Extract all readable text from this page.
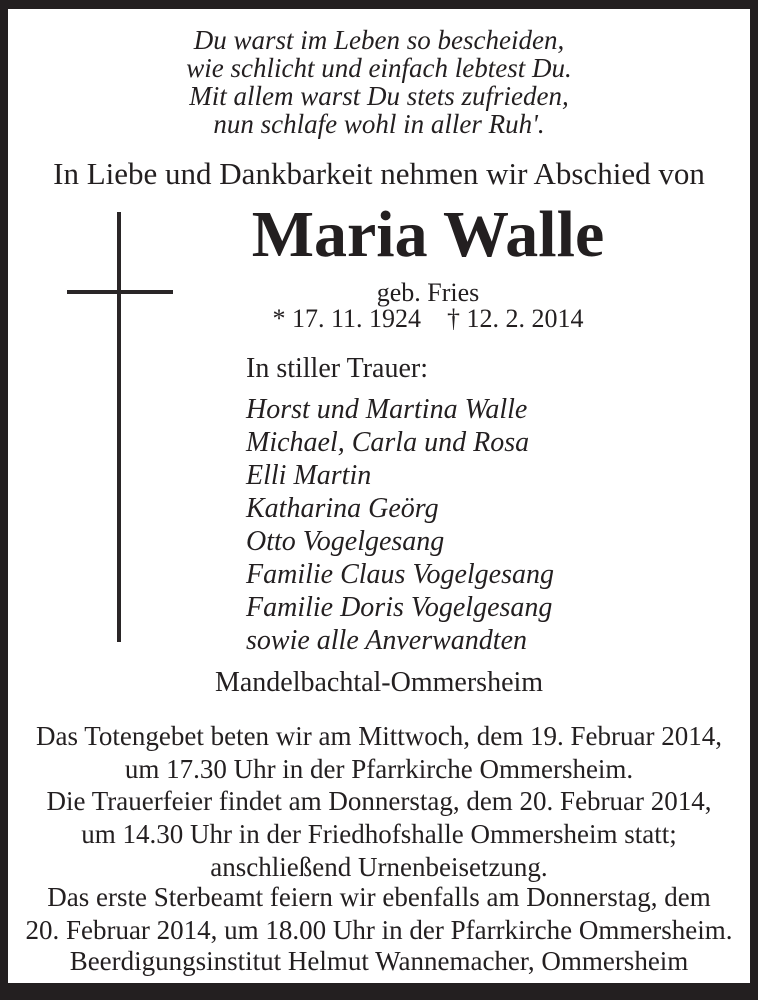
Du warst im Leben so bescheiden,
wie schlicht und einfach lebtest Du.
Mit allem warst Du stets zufrieden,
nun schlafe wohl in aller Ruh'.
In Liebe und Dankbarkeit nehmen wir Abschied von
Maria Walle
geb. Fries
* 17. 11. 1924 † 12. 2. 2014
In stiller Trauer:
Horst und Martina Walle
Michael, Carla und Rosa
Elli Martin
Katharina Geörg
Otto Vogelgesang
Familie Claus Vogelgesang
Familie Doris Vogelgesang
sowie alle Anverwandten
Mandelbachtal-Ommersheim
Das Totengebet beten wir am Mittwoch, dem 19. Februar 2014,
um 17.30 Uhr in der Pfarrkirche Ommersheim.
Die Trauerfeier findet am Donnerstag, dem 20. Februar 2014,
um 14.30 Uhr in der Friedhofshalle Ommersheim statt;
anschließend Urnenbeisetzung.
Das erste Sterbeamt feiern wir ebenfalls am Donnerstag, dem
20. Februar 2014, um 18.00 Uhr in der Pfarrkirche Ommersheim.
Beerdigungsinstitut Helmut Wannemacher, Ommersheim
